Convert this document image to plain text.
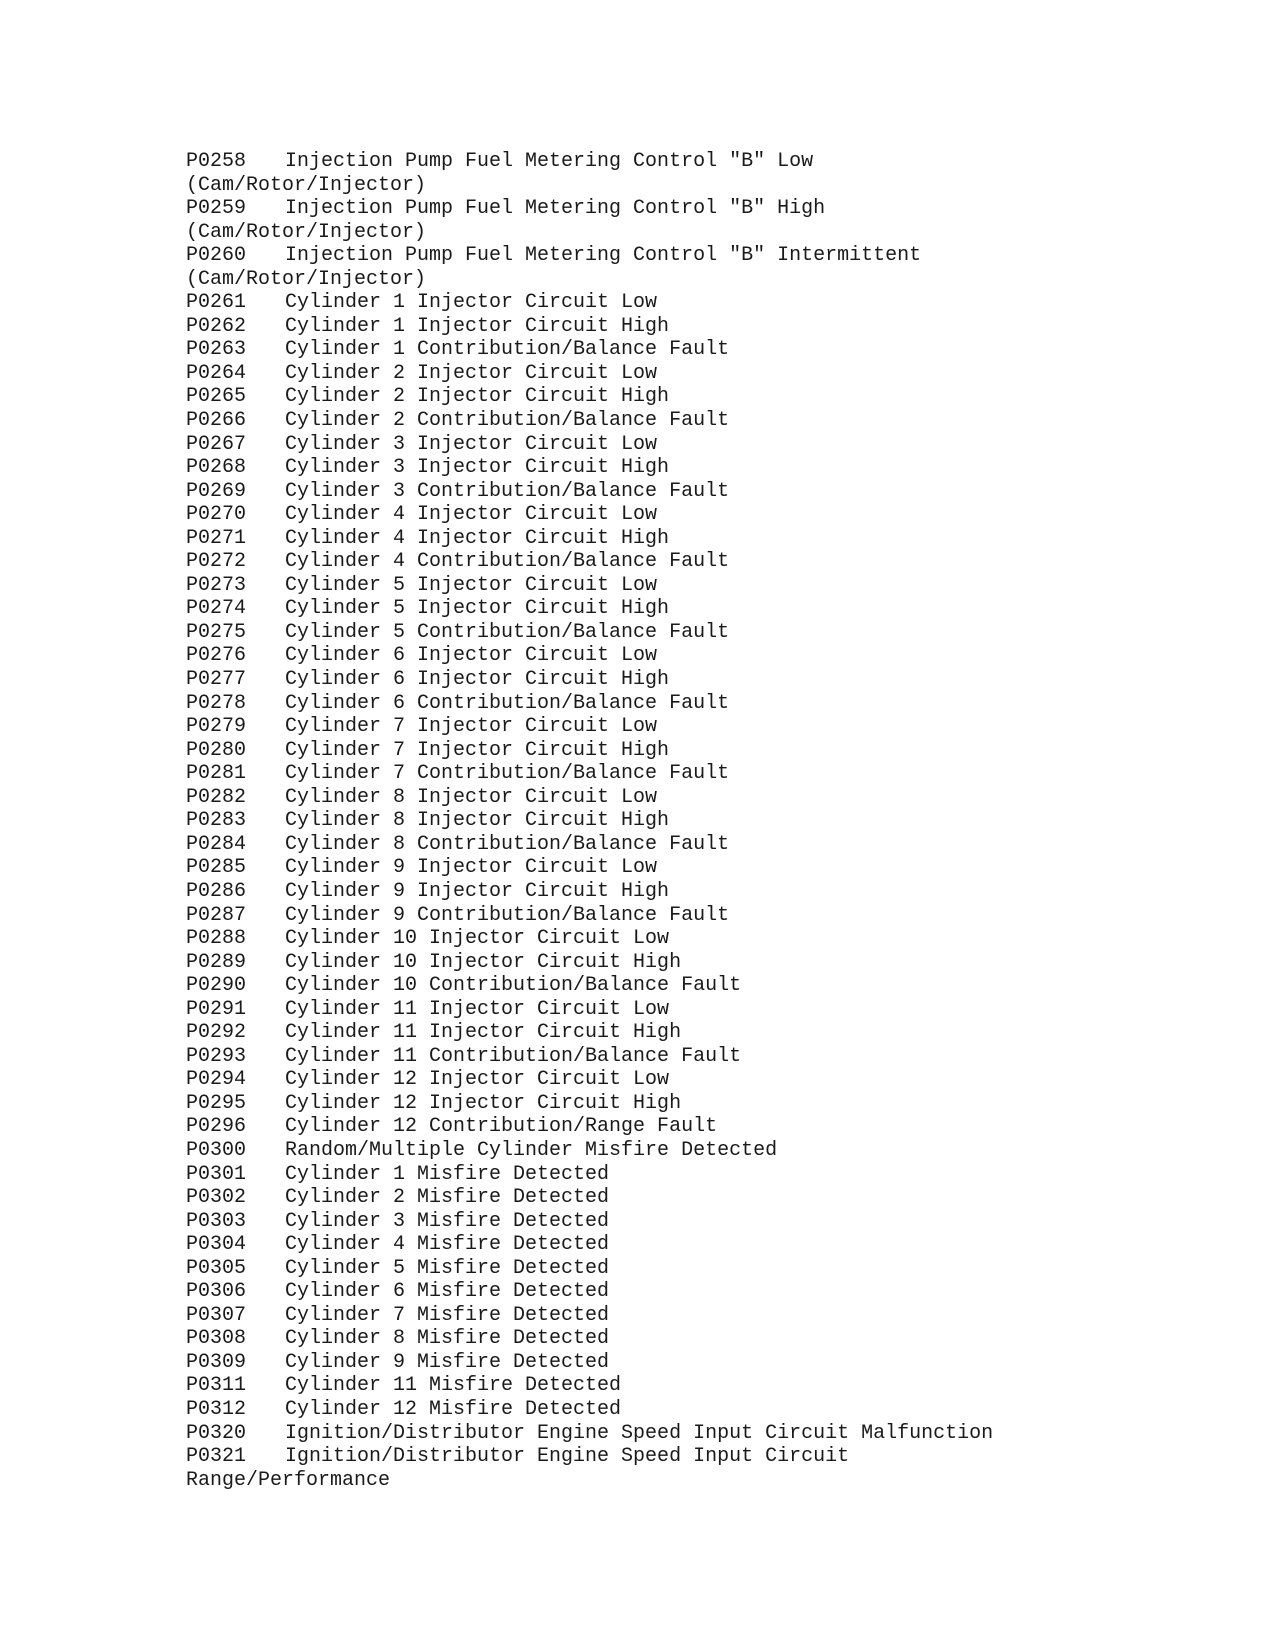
P0258 Injection Pump Fuel Metering Control "B" Low
(Cam/Rotor/Injector)
P0259 Injection Pump Fuel Metering Control "B" High
(Cam/Rotor/Injector)
P0260 Injection Pump Fuel Metering Control "B" Intermittent
(Cam/Rotor/Injector)
P0261 Cylinder 1 Injector Circuit Low
P0262 Cylinder 1 Injector Circuit High
P0263 Cylinder 1 Contribution/Balance Fault
P0264 Cylinder 2 Injector Circuit Low
P0265 Cylinder 2 Injector Circuit High
P0266 Cylinder 2 Contribution/Balance Fault
P0267 Cylinder 3 Injector Circuit Low
P0268 Cylinder 3 Injector Circuit High
P0269 Cylinder 3 Contribution/Balance Fault
P0270 Cylinder 4 Injector Circuit Low
P0271 Cylinder 4 Injector Circuit High
P0272 Cylinder 4 Contribution/Balance Fault
P0273 Cylinder 5 Injector Circuit Low
P0274 Cylinder 5 Injector Circuit High
P0275 Cylinder 5 Contribution/Balance Fault
P0276 Cylinder 6 Injector Circuit Low
P0277 Cylinder 6 Injector Circuit High
P0278 Cylinder 6 Contribution/Balance Fault
P0279 Cylinder 7 Injector Circuit Low
P0280 Cylinder 7 Injector Circuit High
P0281 Cylinder 7 Contribution/Balance Fault
P0282 Cylinder 8 Injector Circuit Low
P0283 Cylinder 8 Injector Circuit High
P0284 Cylinder 8 Contribution/Balance Fault
P0285 Cylinder 9 Injector Circuit Low
P0286 Cylinder 9 Injector Circuit High
P0287 Cylinder 9 Contribution/Balance Fault
P0288 Cylinder 10 Injector Circuit Low
P0289 Cylinder 10 Injector Circuit High
P0290 Cylinder 10 Contribution/Balance Fault
P0291 Cylinder 11 Injector Circuit Low
P0292 Cylinder 11 Injector Circuit High
P0293 Cylinder 11 Contribution/Balance Fault
P0294 Cylinder 12 Injector Circuit Low
P0295 Cylinder 12 Injector Circuit High
P0296 Cylinder 12 Contribution/Range Fault
P0300 Random/Multiple Cylinder Misfire Detected
P0301 Cylinder 1 Misfire Detected
P0302 Cylinder 2 Misfire Detected
P0303 Cylinder 3 Misfire Detected
P0304 Cylinder 4 Misfire Detected
P0305 Cylinder 5 Misfire Detected
P0306 Cylinder 6 Misfire Detected
P0307 Cylinder 7 Misfire Detected
P0308 Cylinder 8 Misfire Detected
P0309 Cylinder 9 Misfire Detected
P0311 Cylinder 11 Misfire Detected
P0312 Cylinder 12 Misfire Detected
P0320 Ignition/Distributor Engine Speed Input Circuit Malfunction
P0321 Ignition/Distributor Engine Speed Input Circuit
Range/Performance
